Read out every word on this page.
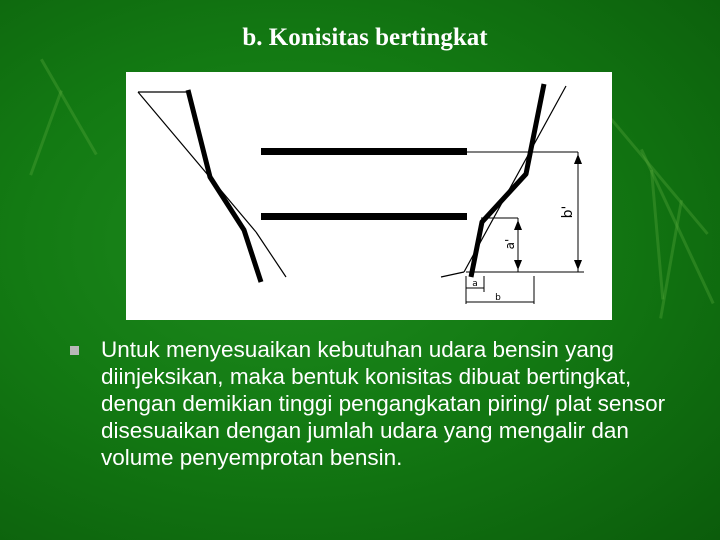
b. Konisitas bertingkat
b'
a'
a
b
Untuk menyesuaikan kebutuhan udara bensin yang diinjeksikan, maka bentuk konisitas dibuat bertingkat, dengan demikian tinggi pengangkatan piring/ plat sensor disesuaikan dengan jumlah udara yang mengalir dan volume penyemprotan bensin.
